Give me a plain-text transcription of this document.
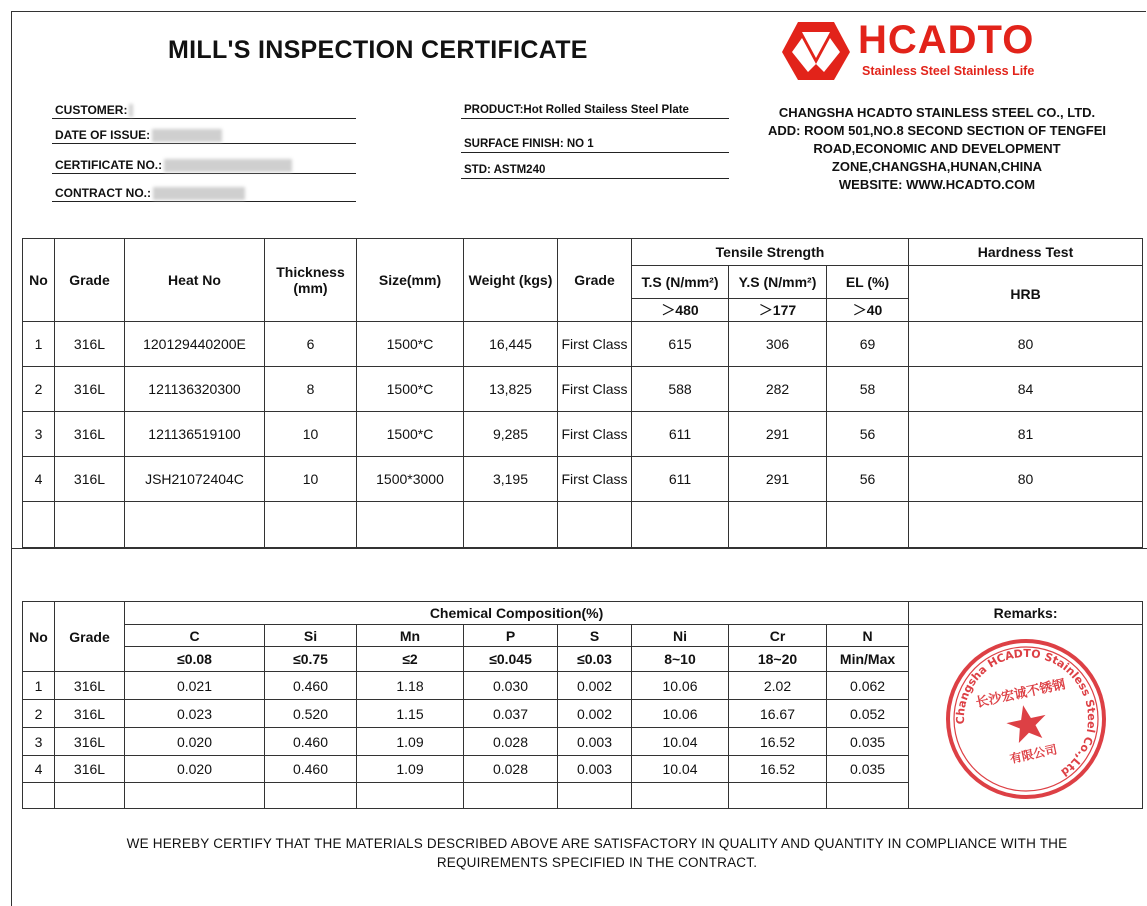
MILL'S INSPECTION CERTIFICATE	HCADTO
Stainless Steel Stainless Life
CUSTOMER:
DATE OF ISSUE:
CERTIFICATE NO.:
CONTRACT NO.:
PRODUCT:Hot Rolled Stailess Steel Plate
SURFACE FINISH: NO 1
STD: ASTM240
CHANGSHA HCADTO STAINLESS STEEL CO., LTD.
ADD: ROOM 501,NO.8 SECOND SECTION OF TENGFEI
ROAD,ECONOMIC AND DEVELOPMENT
ZONE,CHANGSHA,HUNAN,CHINA
WEBSITE: WWW.HCADTO.COM
No	Grade	Heat No	Thickness (mm)	Size(mm)	Weight (kgs)	Grade	Tensile Strength			Hardness Test
							T.S (N/mm²)	Y.S (N/mm²)	EL (%)	HRB
							＞480	＞177	＞40	
1	316L	120129440200E	6	1500*C	16,445	First Class	615	306	69	80
2	316L	121136320300	8	1500*C	13,825	First Class	588	282	58	84
3	316L	121136519100	10	1500*C	9,285	First Class	611	291	56	81
4	316L	JSH21072404C	10	1500*3000	3,195	First Class	611	291	56	80

No	Grade	Chemical Composition(%)								Remarks:
		C	Si	Mn	P	S	Ni	Cr	N	Changsha HCADTO Stainless Steel Co.,Ltd
长沙宏诚不锈钢
有限公司

		≤0.08	≤0.75	≤2	≤0.045	≤0.03	8~10	18~20	Min/Max	
1	316L	0.021	0.460	1.18	0.030	0.002	10.06	2.02	0.062	
2	316L	0.023	0.520	1.15	0.037	0.002	10.06	16.67	0.052	
3	316L	0.020	0.460	1.09	0.028	0.003	10.04	16.52	0.035	
4	316L	0.020	0.460	1.09	0.028	0.003	10.04	16.52	0.035	

WE HEREBY CERTIFY THAT THE MATERIALS DESCRIBED ABOVE ARE SATISFACTORY IN QUALITY AND QUANTITY IN COMPLIANCE WITH THE
REQUIREMENTS SPECIFIED IN THE CONTRACT.
